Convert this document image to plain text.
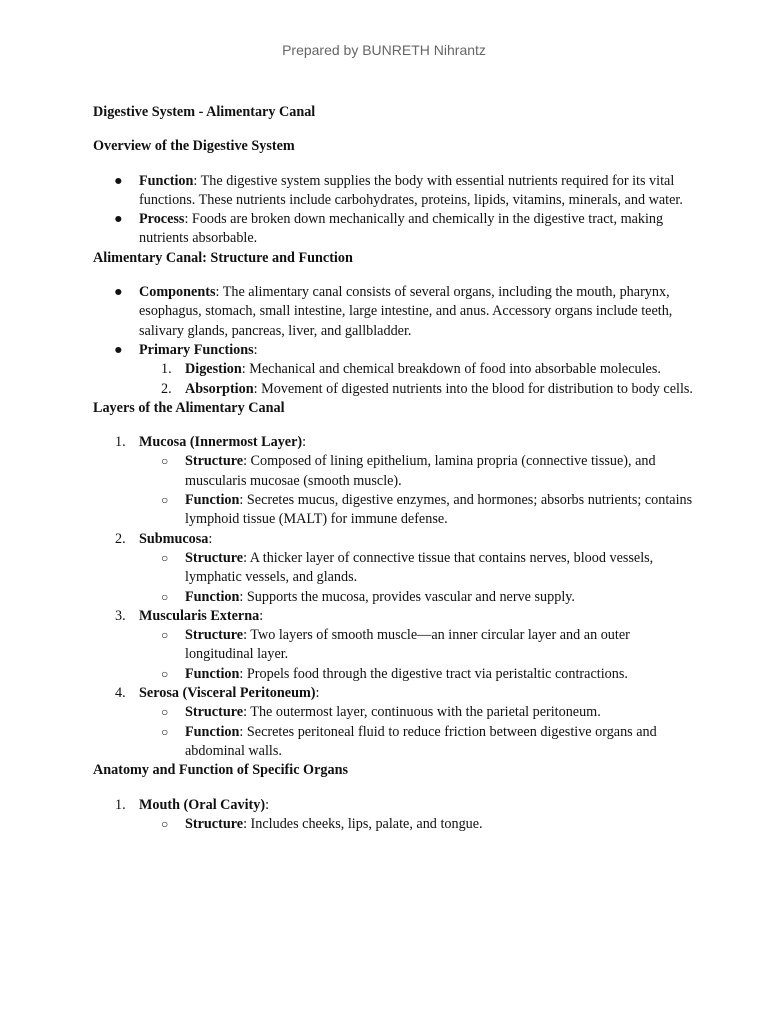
Prepared by BUNRETH Nihrantz

Digestive System - Alimentary Canal

Overview of the Digestive System

● Function: The digestive system supplies the body with essential nutrients required for its vital functions. These nutrients include carbohydrates, proteins, lipids, vitamins, minerals, and water.
● Process: Foods are broken down mechanically and chemically in the digestive tract, making nutrients absorbable.

Alimentary Canal: Structure and Function

● Components: The alimentary canal consists of several organs, including the mouth, pharynx, esophagus, stomach, small intestine, large intestine, and anus. Accessory organs include teeth, salivary glands, pancreas, liver, and gallbladder.
● Primary Functions:
1. Digestion: Mechanical and chemical breakdown of food into absorbable molecules.
2. Absorption: Movement of digested nutrients into the blood for distribution to body cells.

Layers of the Alimentary Canal

1. Mucosa (Innermost Layer):
○ Structure: Composed of lining epithelium, lamina propria (connective tissue), and muscularis mucosae (smooth muscle).
○ Function: Secretes mucus, digestive enzymes, and hormones; absorbs nutrients; contains lymphoid tissue (MALT) for immune defense.
2. Submucosa:
○ Structure: A thicker layer of connective tissue that contains nerves, blood vessels, lymphatic vessels, and glands.
○ Function: Supports the mucosa, provides vascular and nerve supply.
3. Muscularis Externa:
○ Structure: Two layers of smooth muscle—an inner circular layer and an outer longitudinal layer.
○ Function: Propels food through the digestive tract via peristaltic contractions.
4. Serosa (Visceral Peritoneum):
○ Structure: The outermost layer, continuous with the parietal peritoneum.
○ Function: Secretes peritoneal fluid to reduce friction between digestive organs and abdominal walls.

Anatomy and Function of Specific Organs

1. Mouth (Oral Cavity):
○ Structure: Includes cheeks, lips, palate, and tongue.
